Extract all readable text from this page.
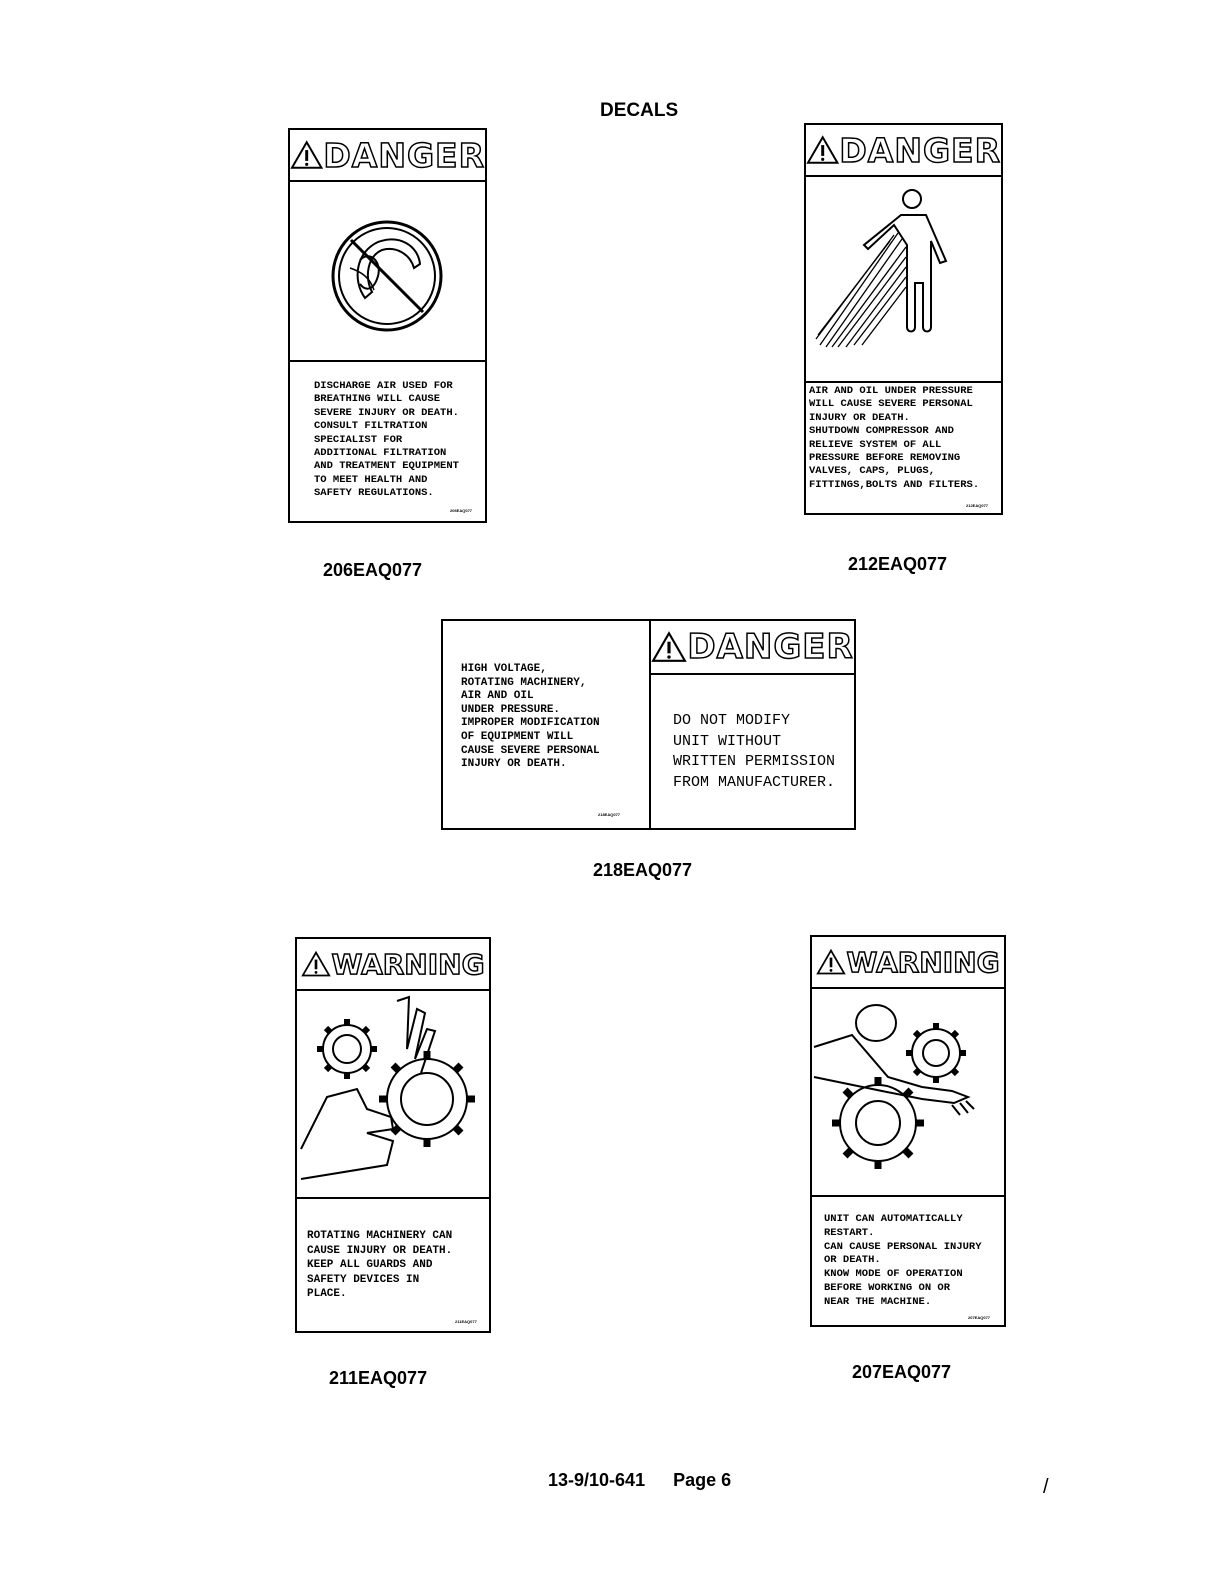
DECALS
DANGER
DISCHARGE AIR USED FOR
BREATHING WILL CAUSE
SEVERE INJURY OR DEATH.
CONSULT FILTRATION
SPECIALIST FOR
ADDITIONAL FILTRATION
AND TREATMENT EQUIPMENT
TO MEET HEALTH AND
SAFETY REGULATIONS.
206EAQ077
206EAQ077
DANGER
AIR AND OIL UNDER PRESSURE
WILL CAUSE SEVERE PERSONAL
INJURY OR DEATH.
SHUTDOWN COMPRESSOR AND
RELIEVE SYSTEM OF ALL
PRESSURE BEFORE REMOVING
VALVES, CAPS, PLUGS,
FITTINGS,BOLTS AND FILTERS.
212EAQ077
212EAQ077
HIGH VOLTAGE,
ROTATING MACHINERY,
AIR AND OIL
UNDER PRESSURE.
IMPROPER MODIFICATION
OF EQUIPMENT WILL
CAUSE SEVERE PERSONAL
INJURY OR DEATH.
218EAQ077
DANGER
DO NOT MODIFY
UNIT WITHOUT
WRITTEN PERMISSION
FROM MANUFACTURER.
218EAQ077
WARNING
ROTATING MACHINERY CAN
CAUSE INJURY OR DEATH.
KEEP ALL GUARDS AND
SAFETY DEVICES IN
PLACE.
211EAQ077
211EAQ077
WARNING
UNIT CAN AUTOMATICALLY
RESTART.
CAN CAUSE PERSONAL INJURY
OR DEATH.
KNOW MODE OF OPERATION
BEFORE WORKING ON OR
NEAR THE MACHINE.
207EAQ077
207EAQ077
13-9/10-641 Page 6	/
